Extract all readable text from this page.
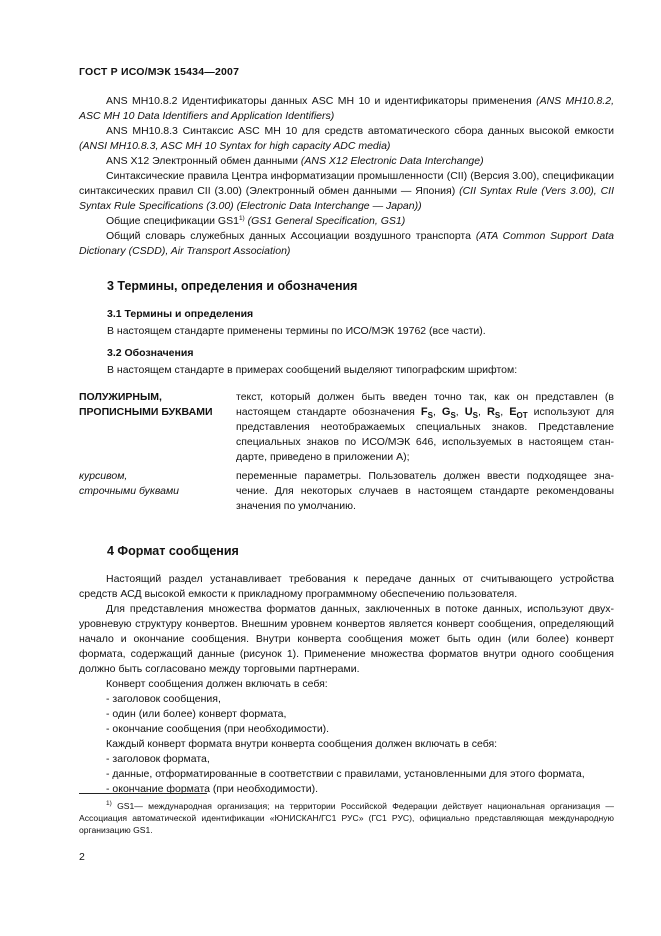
ГОСТ Р ИСО/МЭК 15434—2007

ANS MH10.8.2 Идентификаторы данных ASC MH 10 и идентификаторы применения (ANS MH10.8.2, ASC MH 10 Data Identifiers and Application Identifiers)

ANS MH10.8.3 Синтаксис ASC MH 10 для средств автоматического сбора данных высокой емкости (ANSI MH10.8.3, ASC MH 10 Syntax for high capacity ADC media)

ANS X12 Электронный обмен данными (ANS X12 Electronic Data Interchange)

Синтаксические правила Центра информатизации промышленности (CII) (Версия 3.00), спецификации синтаксических правил CII (3.00) (Электронный обмен данными — Япония) (CII Syntax Rule (Vers 3.00), CII Syntax Rule Specifications (3.00) (Electronic Data Interchange — Japan))

Общие спецификации GS1$^{1)}$ (GS1 General Specification, GS1)

Общий словарь служебных данных Ассоциации воздушного транспорта (ATA Common Support Data Dictionary (CSDD), Air Transport Association)

3 Термины, определения и обозначения
3.1 Термины и определения
В настоящем стандарте применены термины по ИСО/МЭК 19762 (все части).
3.2 Обозначения
В настоящем стандарте в примерах сообщений выделяют типографским шрифтом:
ПОЛУЖИРНЫМ,
ПРОПИСНЫМИ БУКВАМИ
текст, который должен быть введен точно так, как он представлен (в настоящем стандарте обозначения $F_S$, $G_S$, $U_S$, $R_S$, $E_{OT}$ используют для представления неотображаемых специальных знаков. Представление специальных знаков по ИСО/МЭК 646, используемых в настоящем стандарте, приведено в приложении А);
курсивом,
строчными буквами
переменные параметры. Пользователь должен ввести подходящее значение. Для некоторых случаев в настоящем стандарте рекомендованы значения по умолчанию.
4 Формат сообщения

Настоящий раздел устанавливает требования к передаче данных от считывающего устройства средств АСД высокой емкости к прикладному программному обеспечению пользователя.

Для представления множества форматов данных, заключенных в потоке данных, используют двухуровневую структуру конвертов. Внешним уровнем конвертов является конверт сообщения, определяющий начало и окончание сообщения. Внутри конверта сообщения может быть один (или более) конверт формата, содержащий данные (рисунок 1). Применение множества форматов внутри одного сообщения должно быть согласовано между торговыми партнерами.

Конверт сообщения должен включать в себя:

- заголовок сообщения,
- один (или более) конверт формата,
- окончание сообщения (при необходимости).

Каждый конверт формата внутри конверта сообщения должен включать в себя:

- заголовок формата,
- данные, отформатированные в соответствии с правилами, установленными для этого формата,
- окончание формата (при необходимости).

$^{1)}$ GS1— международная организация; на территории Российской Федерации действует национальная организация — Ассоциация автоматической идентификации «ЮНИСКАН/ГС1 РУС» (ГС1 РУС), официально представляющая международную организацию GS1.

2
